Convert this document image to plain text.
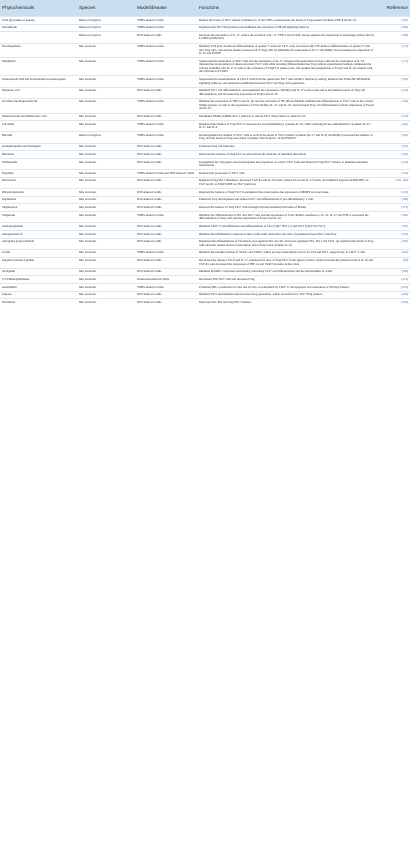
Phytochemicals	Species	Model/disease	Functions	Reference
Total glycosides of paeony	Rattus norvegicus	TNBS-induced colitis	Reduce the levels of Th17-related cytokines IL-17 and TNF-α and increase the levels of Treg-related cytokines TNF-β and IL-10	(105)
Paeoniflorin	Rattus norvegicus	TNBS-induced colitis	Regulated the Th17/Treg balance and inhibited the activation of NF-κB signaling pathway	(106)
	Rattus norvegicus	DSS-induced colitis	Decrease the expression of IL-17, reduce the secretion of IL-17, TNF-α and ICAM, and up-regulate the expression of autophagy-related factors LC3BII and Beclin1	(108)
Neomangiferin	Mus musculus	TNBS-induced colitis	Inhibited TGF-β/IL-6-induced differentiation of splenic T cells into Th17 cells, increased GM-CSF-induced differentiation of splenic T cells into Treg cells, restored the balance between Th17/Treg cells by inhibiting the expression of IL-17 and RORγt and increasing the expression of IL-10 and FOXP3	(115)
Mangiferin	Mus musculus	TNBS-induced colitis	Suppressed the maturation of Th17 cells and the expression of IL-17, enhanced the generation of Treg cells and the expression of IL-10, impeded the development of splenocytes into Th17 cells while boosting differentiation into Treg cells in experimental settings, dampened the activity of RORγt and IL-17 as well as the activation of STAT3 in splenocytes, and sparked the upregulation of Foxp3 and IL-10 coupled with the activation of STAT5	(117)
Ternoasporin AIII and its metabolite sarsasapogenin	Mus musculus	TNBS-induced colitis	Suppressed the transformation of CD4 T cells from the spleen into Th17 cells within a laboratory setting, hindered the TLR4-NF-κB/MAPK signaling pathway, and reinstated equilibrium between Th17 and Treg cell populations.	(119)
Oleanolic acid	Mus musculus	DSS-induced colitis	Inhibited Th17 cell differentiation, downregulated the expression of RORγt and IL-17 in the colon and in the lamina propria of Treg cell differentiation, and increased the expression of Foxp3 and IL-10	(125)
Ocotillol and Majonoside R2	Mus musculus	TNBS-induced colitis	Inhibited the expression of TNF-α and IL-1β, and the activation of NF-κB and MAPK; inhibited the differentiation of Th17 cells in the colonic lamina propria, as well as the expression of T-bet, RORγt, IL-17, and IL-23, and increased Treg cell differentiation and the expression of Foxp3 and IL-10	(129)
Madecassoside and Madecassic acid	Mus musculus	DSS-induced colitis	Modulated PPARγ/AMPK/ACC1 pathway to restore Th17/Treg balance to improve UC	(133)
Curcumin	Mus musculus	TNBS-induced colitis	Regulated the balance of Treg/Th17 to increase the anti-inflammatory cytokine IL-10, while reducing the pro-inflammatory cytokines IL-23, IL-17 and IL-6	(140)
Baicalin	Rattus norvegicus	TNBS-induced colitis	Downregulated the number of Th17 cells as well as the levels of Th17-related cytokines (IL-17 and IL-6) and RORγt; increased the number of Treg, and the levels of Treg-associated cytokines TGF-β and IL-10 and FOXP3	(142)
Isoliquiritigenin and Naringinin	Mus musculus	DSS-induced colitis	Promoted Treg cell induction	(147)
Berberine	Mus musculus	DSS-induced colitis	Improved the balance of Treg/Th17 in and reduced the diversity of intestinal microbiota	(149)
Parthenolide	Mus musculus	DSS-induced colitis	Upregulated the Treg genes and downregulate the proportion of colonic Th17 cells and improved Treg/Th17 balance to maintain intestinal homeostasis.	(152)
Polydatin	Mus musculus	TNBS-induced colitis and DSS-induced colitis	Reduced the proportion of Th17 cells	(154)
Resveratrol	Mus musculus	DSS-induced colitis	Regulated Treg/Th17 imbalance, increased TGF-β1 and IL-10 levels, reduced IL-6 and IL-17 levels, and inhibited hypoxia-mTOR-HIF-1α-Th17 and IL-6-STAT3-HIF-1α-Th17 pathways	(159, 160)
Dihydromyricetin	Mus musculus	DSS-induced colitis	Restored the balance of Treg/Th17 in peripheral blood and reduce the expression of MMP9 in colon tissue	(163)
Daphnetine	Mus musculus	DSS-induced colitis	Enhanced Treg development and reduced th17 cell differentiation of pro-inflammatory T cells	(168)
Stigmasterol	Mus musculus	DSS-induced colitis	Restored the balance of Treg/Th17 cells through butyrate-mediated activation of PPARγ	(173)
Tangeretin	Mus musculus	TNBS-induced colitis	Inhibited the differentiation of Th1 and Th17 cells and the expression of T-bet, RORγt, interferon-γ, IL-12, IL-17 and TNF-α, increased the differentiation of Treg cells and the expression of Foxp3 and IL-10.	(182)
Andrographolide	Mus musculus	DSS-induced colitis	Inhibited CD4+ T cell infiltration and differentiation of Th1 (CD4+ IFN-γ+) and Th17 (CD4+ IL17A+).	(187)
Astragaloside IV	Mus musculus	DSS-induced colitis	Inhibited the inflammatory response in mice with colitis and reduce the ratio of peripheral blood Th17 cells/Treg	(193)
Astragalus polysaccharide	Mus musculus	DSS-induced colitis	Regulated the differentiation of Th subsets, up-regulated Th1 and Th, and down-regulated Th1, Th17 and Th21; up-regulated the levels of Treg cells and their related nuclear transcription factor Foxp3 and cytokine IL-10.	(195)
Icariin	Mus musculus	TNBS-induced colitis	Inhibited the phosphorylation of STAT1 and STAT3, which are key transcription factors for Th1 and Th17, respectively, in CD4+ T cells	(202)
Epigallocatechin-3-gallate	Mus musculus	DSS-induced colitis	Decreased the release of IL-6 and IL-17, regulated the ratio of Treg/Th17 in the spleen of mice, while increased the plasma levels of IL-10 and TGF-β1, and decreased the expression of HIF-1α and STAT3 proteins in the colon	(39)
Arctigenin	Mus musculus	DSS-induced colitis	Inhibited mTORC1 activation and thereby preventing Th17 cell differentiation and the development of colitis	(209)
3,3'-Diindolylmethane	Mus musculus	Oxazolone-induced colitis	Decreased Th2/Th17 cells and increased Treg	(214)
Artemisinin	Mus musculus	TNBS-induced colitis	Promoted HO-1 production in vitro and in vivo, accompanied by CD4+ T cell apoptosis and restoration of Th/Treg balance	(219)
Juglone	Mus musculus	DSS-induced colitis	Inhibited Th17 development and increased Treg generation, which is beneficial to Th17/Treg balance	(224)
Nuciferine	Mus musculus	DSS-induced colitis	Improved Th1/Th2 and Treg/Th17 balance	(230)
